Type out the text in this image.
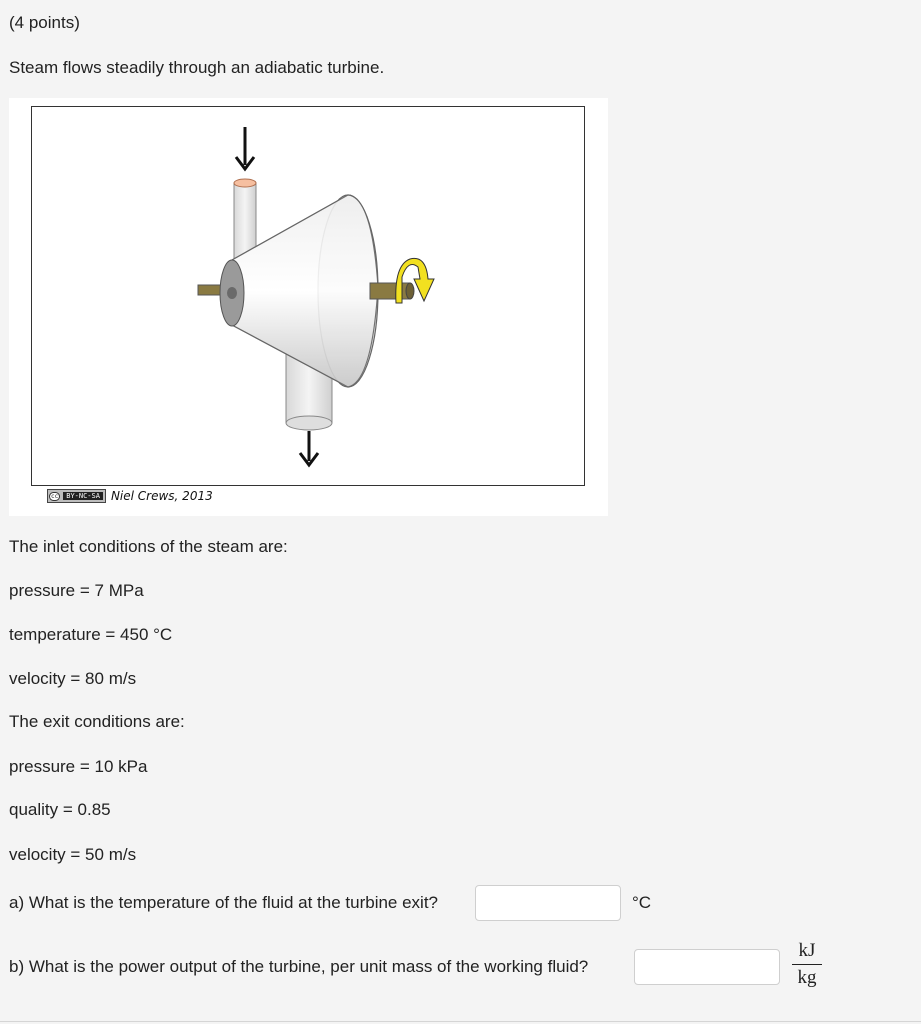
(4 points)
Steam flows steadily through an adiabatic turbine.
cc	BY-NC-SA Niel Crews, 2013
The inlet conditions of the steam are:
pressure = 7 MPa
temperature = 450 °C
velocity = 80 m/s
The exit conditions are:
pressure = 10 kPa
quality = 0.85
velocity = 50 m/s
a) What is the temperature of the fluid at the turbine exit?	°C
b) What is the power output of the turbine, per unit mass of the working fluid?
kJ
kg
